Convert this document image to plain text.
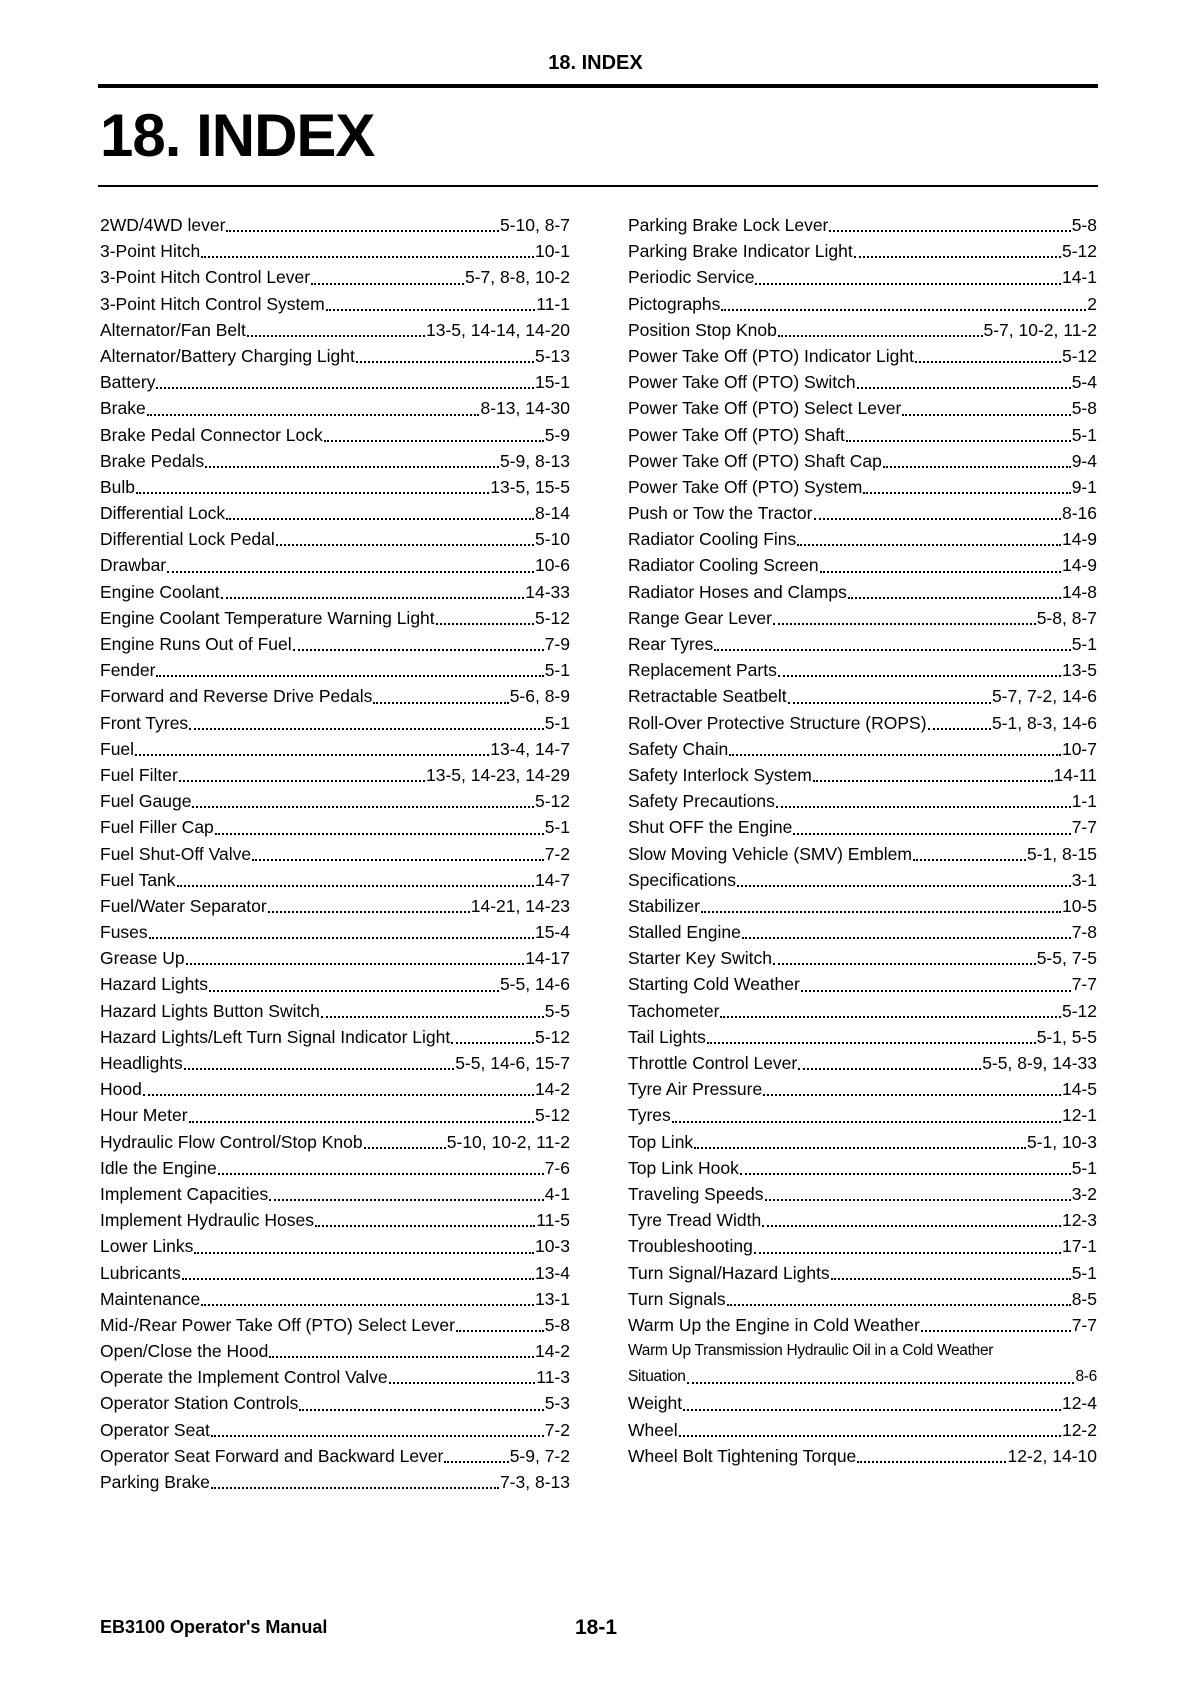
18. INDEX
18. INDEX
2WD/4WD lever	5-10, 8-7
3-Point Hitch	10-1
3-Point Hitch Control Lever	5-7, 8-8, 10-2
3-Point Hitch Control System	11-1
Alternator/Fan Belt	13-5, 14-14, 14-20
Alternator/Battery Charging Light	5-13
Battery	15-1
Brake	8-13, 14-30
Brake Pedal Connector Lock	5-9
Brake Pedals	5-9, 8-13
Bulb	13-5, 15-5
Differential Lock	8-14
Differential Lock Pedal	5-10
Drawbar	10-6
Engine Coolant	14-33
Engine Coolant Temperature Warning Light	5-12
Engine Runs Out of Fuel	7-9
Fender	5-1
Forward and Reverse Drive Pedals	5-6, 8-9
Front Tyres	5-1
Fuel	13-4, 14-7
Fuel Filter	13-5, 14-23, 14-29
Fuel Gauge	5-12
Fuel Filler Cap	5-1
Fuel Shut-Off Valve	7-2
Fuel Tank	14-7
Fuel/Water Separator	14-21, 14-23
Fuses	15-4
Grease Up	14-17
Hazard Lights	5-5, 14-6
Hazard Lights Button Switch	5-5
Hazard Lights/Left Turn Signal Indicator Light	5-12
Headlights	5-5, 14-6, 15-7
Hood	14-2
Hour Meter	5-12
Hydraulic Flow Control/Stop Knob	5-10, 10-2, 11-2
Idle the Engine	7-6
Implement Capacities	4-1
Implement Hydraulic Hoses	11-5
Lower Links	10-3
Lubricants	13-4
Maintenance	13-1
Mid-/Rear Power Take Off (PTO) Select Lever	5-8
Open/Close the Hood	14-2
Operate the Implement Control Valve	11-3
Operator Station Controls	5-3
Operator Seat	7-2
Operator Seat Forward and Backward Lever	5-9, 7-2
Parking Brake	7-3, 8-13
Parking Brake Lock Lever	5-8
Parking Brake Indicator Light	5-12
Periodic Service	14-1
Pictographs	2
Position Stop Knob	5-7, 10-2, 11-2
Power Take Off (PTO) Indicator Light	5-12
Power Take Off (PTO) Switch	5-4
Power Take Off (PTO) Select Lever	5-8
Power Take Off (PTO) Shaft	5-1
Power Take Off (PTO) Shaft Cap	9-4
Power Take Off (PTO) System	9-1
Push or Tow the Tractor	8-16
Radiator Cooling Fins	14-9
Radiator Cooling Screen	14-9
Radiator Hoses and Clamps	14-8
Range Gear Lever	5-8, 8-7
Rear Tyres	5-1
Replacement Parts	13-5
Retractable Seatbelt	5-7, 7-2, 14-6
Roll-Over Protective Structure (ROPS)	5-1, 8-3, 14-6
Safety Chain	10-7
Safety Interlock System	14-11
Safety Precautions	1-1
Shut OFF the Engine	7-7
Slow Moving Vehicle (SMV) Emblem	5-1, 8-15
Specifications	3-1
Stabilizer	10-5
Stalled Engine	7-8
Starter Key Switch	5-5, 7-5
Starting Cold Weather	7-7
Tachometer	5-12
Tail Lights	5-1, 5-5
Throttle Control Lever	5-5, 8-9, 14-33
Tyre Air Pressure	14-5
Tyres	12-1
Top Link	5-1, 10-3
Top Link Hook	5-1
Traveling Speeds	3-2
Tyre Tread Width	12-3
Troubleshooting	17-1
Turn Signal/Hazard Lights	5-1
Turn Signals	8-5
Warm Up the Engine in Cold Weather	7-7
Warm Up Transmission Hydraulic Oil in a Cold Weather
Situation	8-6
Weight	12-4
Wheel	12-2
Wheel Bolt Tightening Torque	12-2, 14-10
EB3100 Operator's Manual	18-1
